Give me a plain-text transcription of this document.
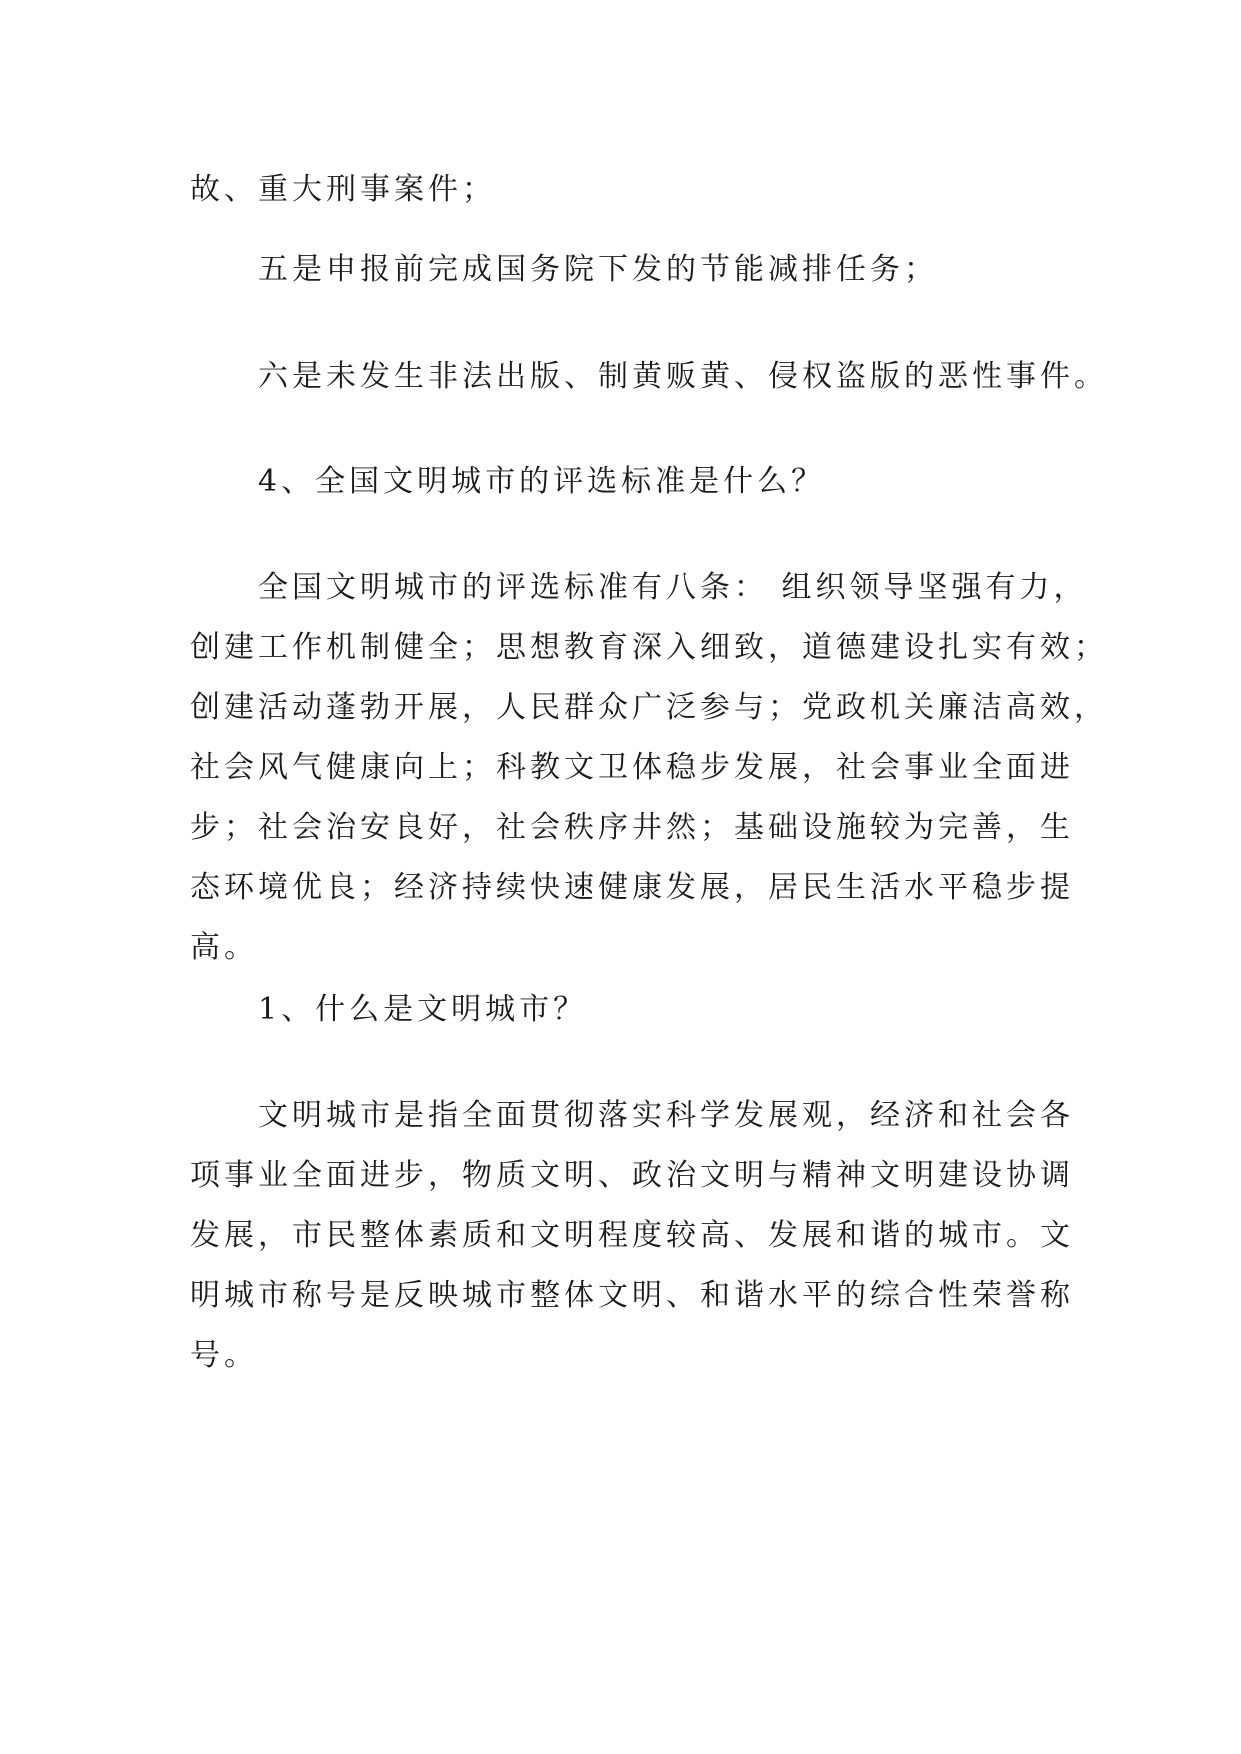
故、重大刑事案件；
五是申报前完成国务院下发的节能减排任务；
六是未发生非法出版、制黄贩黄、侵权盗版的恶性事件。
4、全国文明城市的评选标准是什么？
全国文明城市的评选标准有八条： 组织领导坚强有力，
创建工作机制健全；思想教育深入细致，道德建设扎实有效；
创建活动蓬勃开展，人民群众广泛参与；党政机关廉洁高效，
社会风气健康向上；科教文卫体稳步发展，社会事业全面进
步；社会治安良好，社会秩序井然；基础设施较为完善，生
态环境优良；经济持续快速健康发展，居民生活水平稳步提
高。
1、什么是文明城市？
文明城市是指全面贯彻落实科学发展观，经济和社会各
项事业全面进步，物质文明、政治文明与精神文明建设协调
发展，市民整体素质和文明程度较高、发展和谐的城市。文
明城市称号是反映城市整体文明、和谐水平的综合性荣誉称
号。
